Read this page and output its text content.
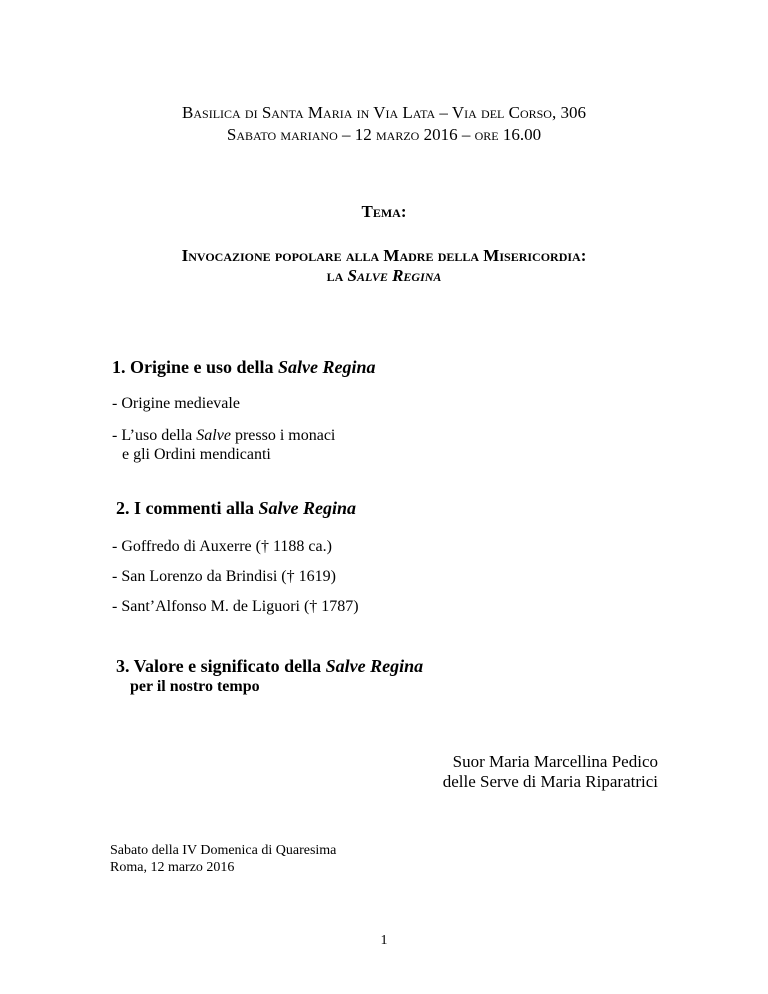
Basilica di Santa Maria in Via Lata – Via del Corso, 306
Sabato mariano – 12 marzo 2016 – ore 16.00
Tema:
Invocazione popolare alla Madre della Misericordia:
la Salve Regina
1. Origine e uso della Salve Regina
- Origine medievale
- L’uso della Salve presso i monaci
e gli Ordini mendicanti
2. I commenti alla Salve Regina
- Goffredo di Auxerre († 1188 ca.)
- San Lorenzo da Brindisi († 1619)
- Sant’Alfonso M. de Liguori († 1787)
3. Valore e significato della Salve Regina
per il nostro tempo
Suor Maria Marcellina Pedico
delle Serve di Maria Riparatrici
Sabato della IV Domenica di Quaresima
Roma, 12 marzo 2016
1
